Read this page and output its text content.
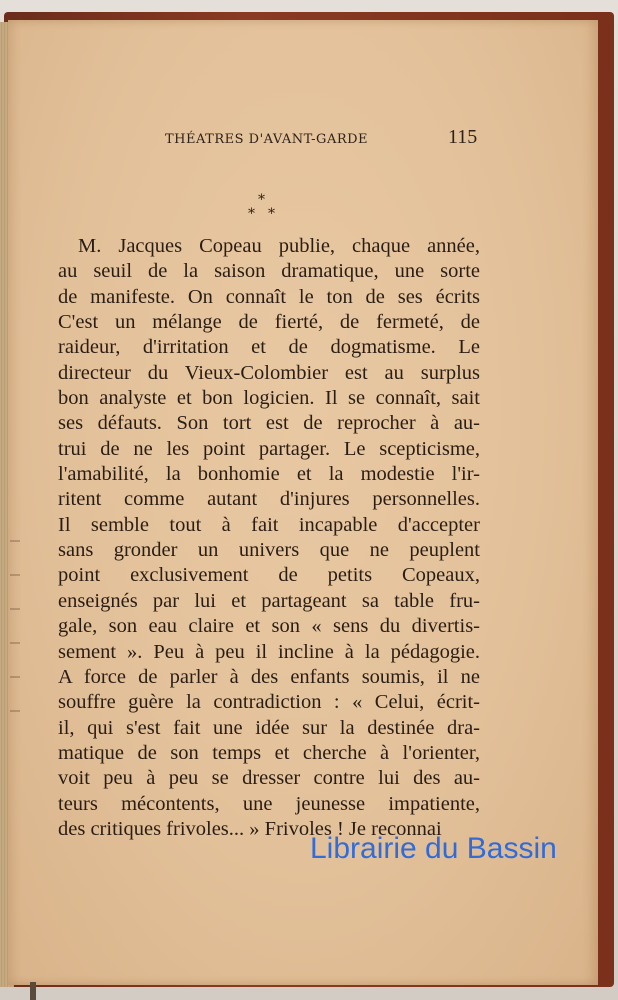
THÉATRES D'AVANT-GARDE	115
*
* *
M. Jacques Copeau publie, chaque année,
au seuil de la saison dramatique, une sorte
de manifeste. On connaît le ton de ses écrits
C'est un mélange de fierté, de fermeté, de
raideur, d'irritation et de dogmatisme. Le
directeur du Vieux-Colombier est au surplus
bon analyste et bon logicien. Il se connaît, sait
ses défauts. Son tort est de reprocher à au-
trui de ne les point partager. Le scepticisme,
l'amabilité, la bonhomie et la modestie l'ir-
ritent comme autant d'injures personnelles.
Il semble tout à fait incapable d'accepter
sans gronder un univers que ne peuplent
point exclusivement de petits Copeaux,
enseignés par lui et partageant sa table fru-
gale, son eau claire et son « sens du divertis-
sement ». Peu à peu il incline à la pédagogie.
A force de parler à des enfants soumis, il ne
souffre guère la contradiction : « Celui, écrit-
il, qui s'est fait une idée sur la destinée dra-
matique de son temps et cherche à l'orienter,
voit peu à peu se dresser contre lui des au-
teurs mécontents, une jeunesse impatiente,
des critiques frivoles... » Frivoles ! Je reconnai
Librairie du Bassin
